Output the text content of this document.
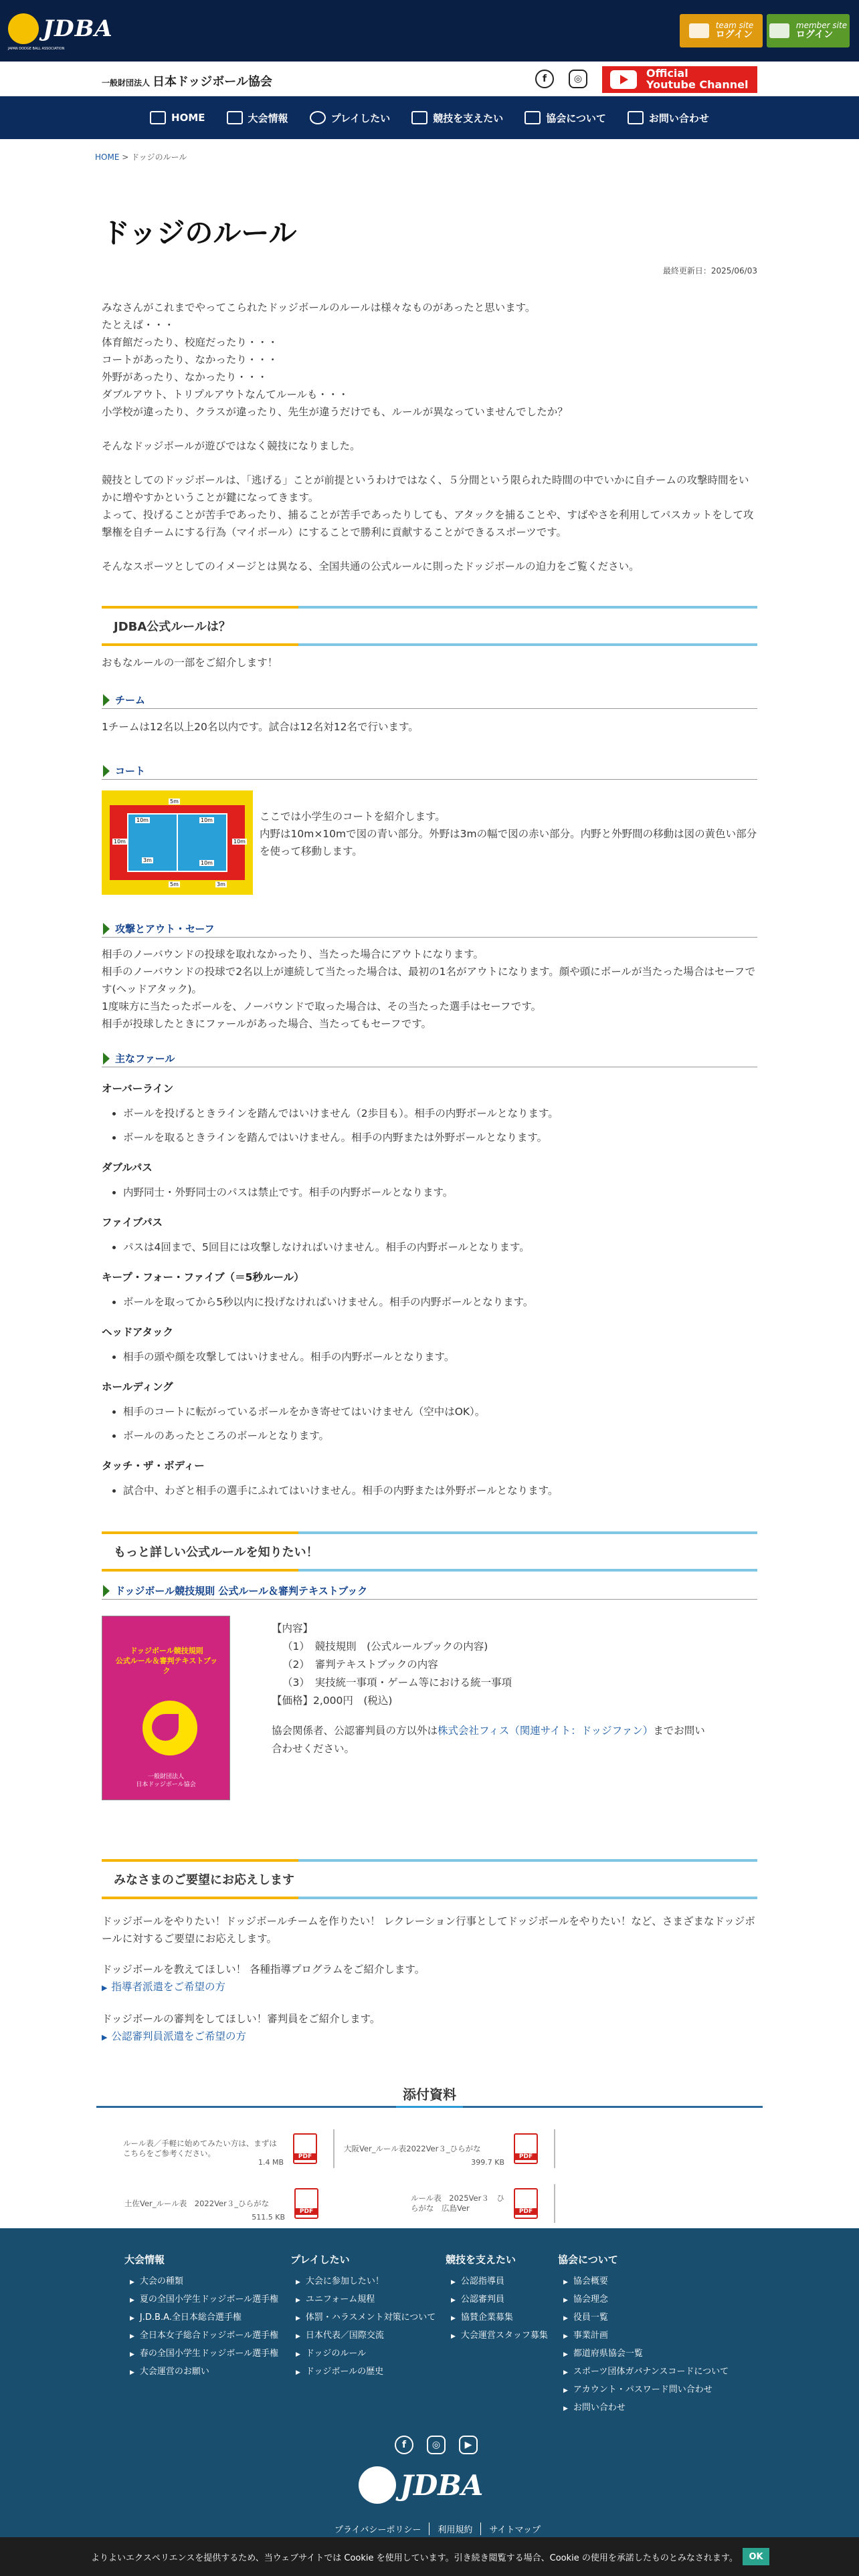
JDBA
JAPAN DODGE BALL ASSOCIATION
team site
ログイン
member site
ログイン
一般財団法人 日本ドッジボール協会	f	◎	Official
Youtube Channel
HOME	大会情報	プレイしたい	競技を支えたい	協会について	お問い合わせ
HOME > ドッジのルール
ドッジのルール
最終更新日：2025/06/03

みなさんがこれまでやってこられたドッジボールのルールは様々なものがあったと思います。

たとえば・・・

体育館だったり、校庭だったり・・・

コートがあったり、なかったり・・・

外野があったり、なかったり・・・

ダブルアウト、トリプルアウトなんてルールも・・・

小学校が違ったり、クラスが違ったり、先生が違うだけでも、ルールが異なっていませんでしたか？

そんなドッジボールが遊びではなく競技になりました。

競技としてのドッジボールは、「逃げる」ことが前提というわけではなく、５分間という限られた時間の中でいかに自チームの攻撃時間をいかに増やすかということが鍵になってきます。

よって、投げることが苦手であったり、捕ることが苦手であったりしても、アタックを捕ることや、すばやさを利用してパスカットをして攻撃権を自チームにする行為（マイボール）にすることで勝利に貢献することができるスポーツです。

そんなスポーツとしてのイメージとは異なる、全国共通の公式ルールに則ったドッジボールの迫力をご覧ください。

JDBA公式ルールは？

おもなルールの一部をご紹介します！

チーム

1チームは12名以上20名以内です。試合は12名対12名で行います。

コート
10m	10m
10m	10m
10m
3m
5m
5m	3m

ここでは小学生のコートを紹介します。

内野は10m×10mで図の青い部分。外野は3mの幅で図の赤い部分。内野と外野間の移動は図の黄色い部分を使って移動します。

攻撃とアウト・セーフ

相手のノーバウンドの投球を取れなかったり、当たった場合にアウトになります。

相手のノーバウンドの投球で2名以上が連続して当たった場合は、最初の1名がアウトになります。顔や頭にボールが当たった場合はセーフです(ヘッドアタック)。

1度味方に当たったボールを、ノーバウンドで取った場合は、その当たった選手はセーフです。

相手が投球したときにファールがあった場合、当たってもセーフです。

主なファール
オーバーライン
• ボールを投げるときラインを踏んではいけません（2歩目も）。相手の内野ボールとなります。
• ボールを取るときラインを踏んではいけません。相手の内野または外野ボールとなります。
ダブルパス
• 内野同士・外野同士のパスは禁止です。相手の内野ボールとなります。
ファイブパス
• パスは4回まで、5回目には攻撃しなければいけません。相手の内野ボールとなります。
キープ・フォー・ファイブ（＝5秒ルール）
• ボールを取ってから5秒以内に投げなければいけません。相手の内野ボールとなります。
ヘッドアタック
• 相手の頭や顔を攻撃してはいけません。相手の内野ボールとなります。
ホールディング
• 相手のコートに転がっているボールをかき寄せてはいけません（空中はOK）。
• ボールのあったところのボールとなります。
タッチ・ザ・ボディー
• 試合中、わざと相手の選手にふれてはいけません。相手の内野または外野ボールとなります。
もっと詳しい公式ルールを知りたい！
ドッジボール競技規則 公式ルール＆審判テキストブック
ドッジボール競技規則
公式ルール＆審判テキストブック
一般財団法人
日本ドッジボール協会

【内容】

（1）　競技規則　(公式ルールブックの内容)

（2）　審判テキストブックの内容

（3）　実技統一事項・ゲーム等における統一事項

【価格】2,000円　(税込)

協会関係者、公認審判員の方以外は株式会社フィス（関連サイト：ドッジファン）までお問い合わせください。

みなさまのご要望にお応えします

ドッジボールをやりたい！ドッジボールチームを作りたい！ レクレーション行事としてドッジボールをやりたい！など、さまざまなドッジボールに対するご要望にお応えします。

ドッジボールを教えてほしい！ 各種指導プログラムをご紹介します。

▶ 指導者派遣をご希望の方

ドッジボールの審判をしてほしい！審判員をご紹介します。

▶ 公認審判員派遣をご希望の方
添付資料
ルール表／手軽に始めてみたい方は、まずはこちらをご参考ください。
1.4 MB
PDF
大阪Ver_ルール表2022Ver３_ひらがな
399.7 KB
PDF
土佐Ver_ルール表　2022Ver３_ひらがな
511.5 KB
PDF
ルール表　2025Ver３　ひらがな　広島Ver
PDF
大会情報
▶ 大会の種類
▶ 夏の全国小学生ドッジボール選手権
▶ J.D.B.A.全日本総合選手権
▶ 全日本女子総合ドッジボール選手権
▶ 春の全国小学生ドッジボール選手権
▶ 大会運営のお願い
プレイしたい
▶ 大会に参加したい！
▶ ユニフォーム規程
▶ 体罰・ハラスメント対策について
▶ 日本代表／国際交流
▶ ドッジのルール
▶ ドッジボールの歴史
競技を支えたい
▶ 公認指導員
▶ 公認審判員
▶ 協賛企業募集
▶ 大会運営スタッフ募集
協会について
▶ 協会概要
▶ 協会理念
▶ 役員一覧
▶ 事業計画
▶ 都道府県協会一覧
▶ スポーツ団体ガバナンスコードについて
▶ アカウント・パスワード問い合わせ
▶ お問い合わせ
f	◎	▶
JDBA
プライバシーポリシー	利用規約	サイトマップ
よりよいエクスペリエンスを提供するため、当ウェブサイトでは Cookie を使用しています。引き続き閲覧する場合、Cookie の使用を承諾したものとみなされます。	OK
